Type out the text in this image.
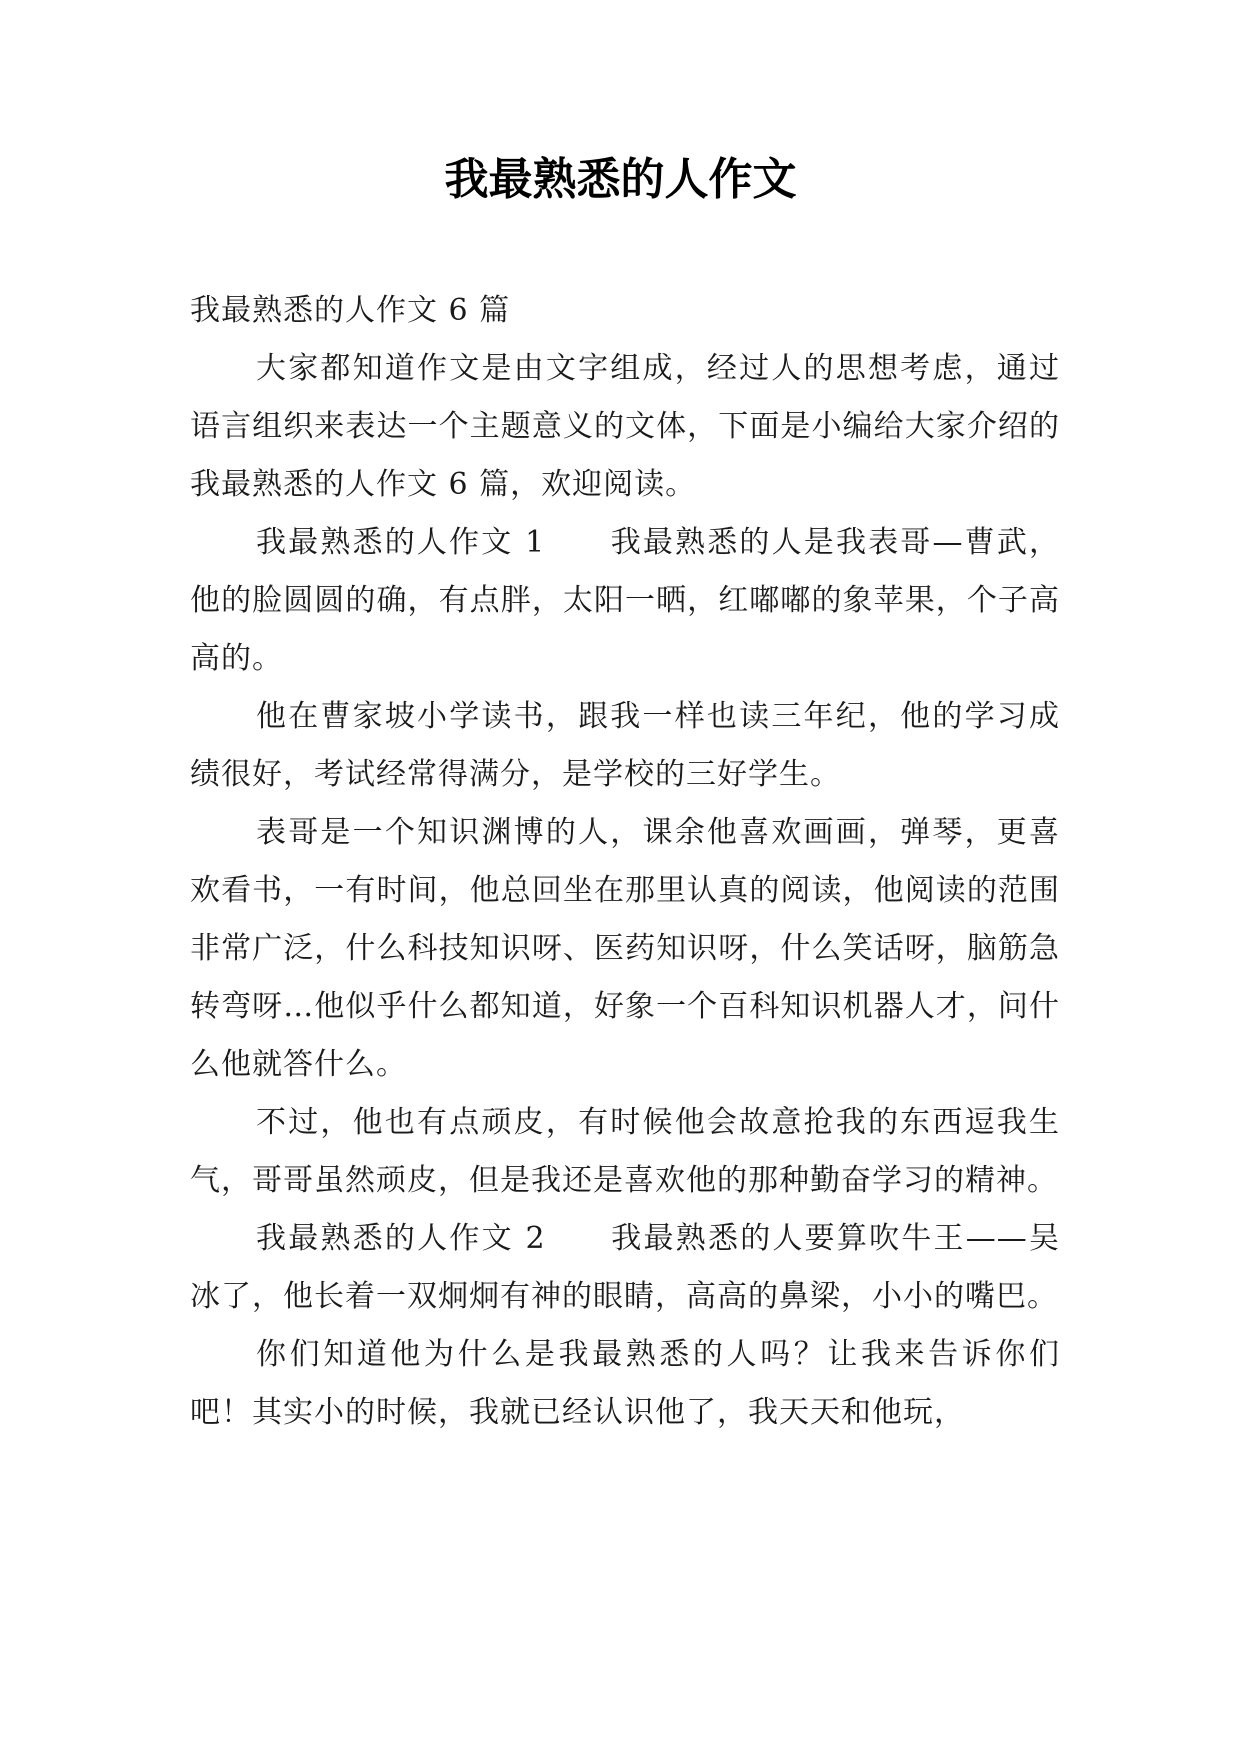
我最熟悉的人作文

我最熟悉的人作文 6 篇

大家都知道作文是由文字组成，经过人的思想考虑，通过语言组织来表达一个主题意义的文体，下面是小编给大家介绍的我最熟悉的人作文 6 篇，欢迎阅读。

我最熟悉的人作文 1　　我最熟悉的人是我表哥—曹武，他的脸圆圆的确，有点胖，太阳一晒，红嘟嘟的象苹果，个子高高的。

他在曹家坡小学读书，跟我一样也读三年纪，他的学习成绩很好，考试经常得满分，是学校的三好学生。

表哥是一个知识渊博的人，课余他喜欢画画，弹琴，更喜欢看书，一有时间，他总回坐在那里认真的阅读，他阅读的范围非常广泛，什么科技知识呀、医药知识呀，什么笑话呀，脑筋急转弯呀…他似乎什么都知道，好象一个百科知识机器人才，问什么他就答什么。

不过，他也有点顽皮，有时候他会故意抢我的东西逗我生气，哥哥虽然顽皮，但是我还是喜欢他的那种勤奋学习的精神。

我最熟悉的人作文 2　　我最熟悉的人要算吹牛王——吴冰了，他长着一双炯炯有神的眼睛，高高的鼻梁，小小的嘴巴。

你们知道他为什么是我最熟悉的人吗？让我来告诉你们吧！其实小的时候，我就已经认识他了，我天天和他玩，
